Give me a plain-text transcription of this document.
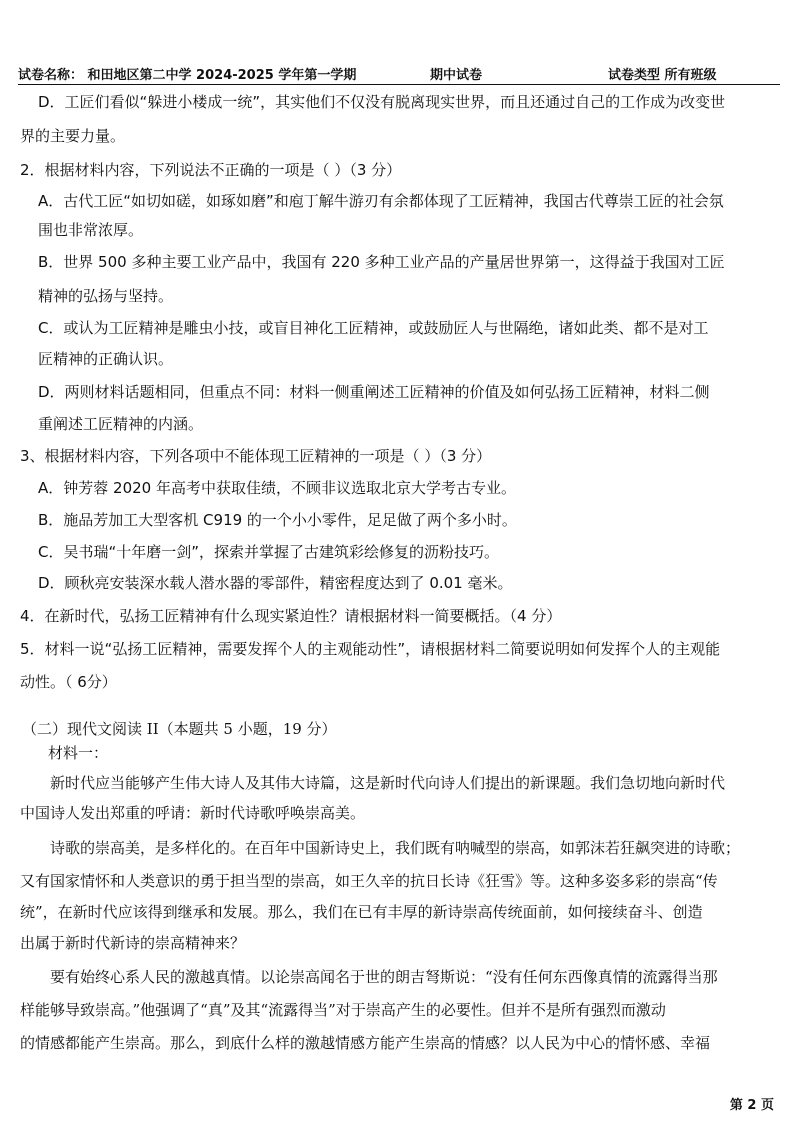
试卷名称： 和田地区第二中学 2024-2025 学年第一学期	期中试卷	试卷类型 所有班级
D．工匠们看似“躲进小楼成一统”，其实他们不仅没有脱离现实世界，而且还通过自己的工作成为改变世
界的主要力量。
2．根据材料内容，下列说法不正确的一项是（ ）（3 分）
A．古代工匠“如切如磋，如琢如磨”和庖丁解牛游刃有余都体现了工匠精神，我国古代尊崇工匠的社会氛
围也非常浓厚。
B．世界 500 多种主要工业产品中，我国有 220 多种工业产品的产量居世界第一，这得益于我国对工匠
精神的弘扬与坚持。
C．或认为工匠精神是雕虫小技，或盲目神化工匠精神，或鼓励匠人与世隔绝，诸如此类、都不是对工
匠精神的正确认识。
D．两则材料话题相同，但重点不同：材料一侧重阐述工匠精神的价值及如何弘扬工匠精神，材料二侧
重阐述工匠精神的内涵。
3、根据材料内容，下列各项中不能体现工匠精神的一项是（ ）（3 分）
A．钟芳蓉 2020 年高考中获取佳绩，不顾非议选取北京大学考古专业。
B．施品芳加工大型客机 C919 的一个小小零件，足足做了两个多小时。
C．吴书瑞“十年磨一剑”，探索并掌握了古建筑彩绘修复的沥粉技巧。
D．顾秋亮安装深水载人潜水器的零部件，精密程度达到了 0.01 毫米。
4．在新时代，弘扬工匠精神有什么现实紧迫性？请根据材料一简要概括。（4 分）
5．材料一说“弘扬工匠精神，需要发挥个人的主观能动性”，请根据材料二简要说明如何发挥个人的主观能
动性。（ 6分）
（二）现代文阅读 II（本题共 5 小题，19 分）
材料一：
新时代应当能够产生伟大诗人及其伟大诗篇，这是新时代向诗人们提出的新课题。我们急切地向新时代
中国诗人发出郑重的呼请：新时代诗歌呼唤崇高美。
诗歌的崇高美，是多样化的。在百年中国新诗史上，我们既有呐喊型的崇高，如郭沫若狂飙突进的诗歌；
又有国家情怀和人类意识的勇于担当型的崇高，如王久辛的抗日长诗《狂雪》等。这种多姿多彩的崇高“传
统”，在新时代应该得到继承和发展。那么，我们在已有丰厚的新诗崇高传统面前，如何接续奋斗、创造
出属于新时代新诗的崇高精神来？
要有始终心系人民的激越真情。以论崇高闻名于世的朗吉弩斯说：“没有任何东西像真情的流露得当那
样能够导致崇高。”他强调了“真”及其“流露得当”对于崇高产生的必要性。但并不是所有强烈而激动
的情感都能产生崇高。那么，到底什么样的激越情感方能产生崇高的情感？以人民为中心的情怀感、幸福
第 2 页
